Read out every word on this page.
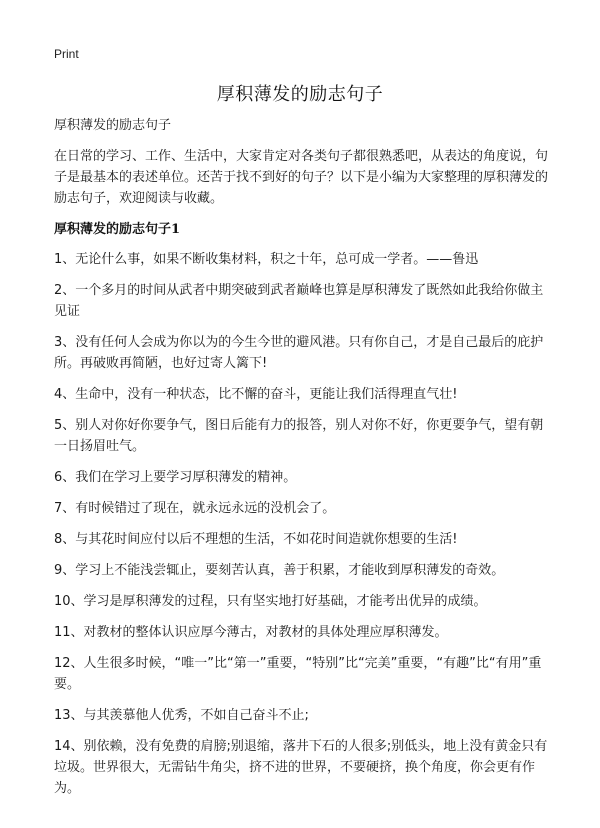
Print
厚积薄发的励志句子

厚积薄发的励志句子

在日常的学习、工作、生活中，大家肯定对各类句子都很熟悉吧，从表达的角度说，句子是最基本的表述单位。还苦于找不到好的句子？以下是小编为大家整理的厚积薄发的励志句子，欢迎阅读与收藏。

厚积薄发的励志句子1
1、无论什么事，如果不断收集材料，积之十年，总可成一学者。——鲁迅
2、一个多月的时间从武者中期突破到武者巅峰也算是厚积薄发了既然如此我给你做主见证
3、没有任何人会成为你以为的今生今世的避风港。只有你自己，才是自己最后的庇护所。再破败再简陋，也好过寄人篱下!
4、生命中，没有一种状态，比不懈的奋斗，更能让我们活得理直气壮!
5、别人对你好你要争气，图日后能有力的报答，别人对你不好，你更要争气，望有朝一日扬眉吐气。
6、我们在学习上要学习厚积薄发的精神。
7、有时候错过了现在，就永远永远的没机会了。
8、与其花时间应付以后不理想的生活，不如花时间造就你想要的生活!
9、学习上不能浅尝辄止，要刻苦认真，善于积累，才能收到厚积薄发的奇效。
10、学习是厚积薄发的过程，只有坚实地打好基础，才能考出优异的成绩。
11、对教材的整体认识应厚今薄古，对教材的具体处理应厚积薄发。
12、人生很多时候，“唯一”比“第一”重要，“特别”比“完美”重要，“有趣”比“有用”重要。
13、与其羡慕他人优秀，不如自己奋斗不止;
14、别依赖，没有免费的肩膀;别退缩，落井下石的人很多;别低头，地上没有黄金只有垃圾。世界很大，无需钻牛角尖，挤不进的世界，不要硬挤，换个角度，你会更有作为。
